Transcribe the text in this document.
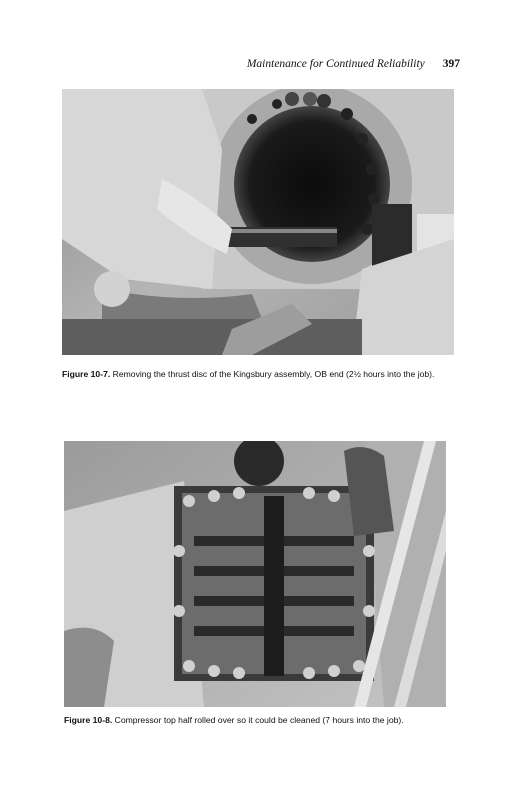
Maintenance for Continued Reliability 397
Figure 10-7. Removing the thrust disc of the Kingsbury assembly, OB end (2½ hours into the job).
Figure 10-8. Compressor top half rolled over so it could be cleaned (7 hours into the job).
